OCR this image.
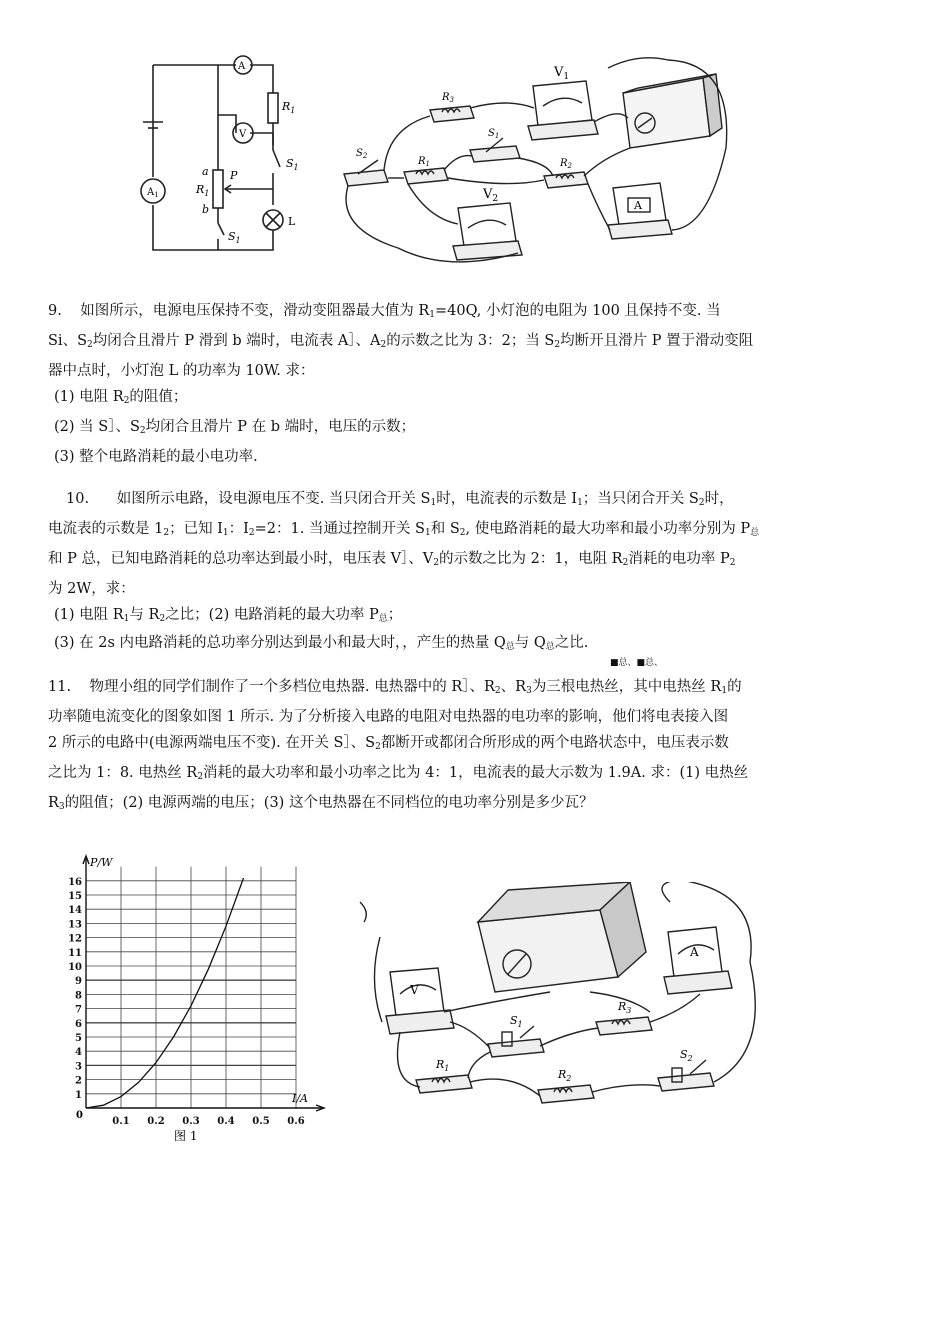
A
$R_1$
V
$S_1$
a P
$R_1$
b
L
$S_1$
$A_1$
$V_1$
$V_2$
$R_3$
$S_1$
$R_1$
$S_2$
$R_2$
A

9.    如图所示，电源电压保持不变，滑动变阻器最大值为 $R_1=40Q$, 小灯泡的电阻为 100 且保持不变. 当

Si、$S_2$均闭合且滑片 P 滑到 b 端时，电流表 A］、$A_2$的示数之比为 3：2；当 $S_2$均断开且滑片 P 置于滑动变阻

器中点时，小灯泡 L 的功率为 10W. 求：

(1) 电阻 $R_2$的阻值；

(2) 当 S］、$S_2$均闭合且滑片 P 在 b 端时，电压的示数；

(3) 整个电路消耗的最小电功率.

10.      如图所示电路，设电源电压不变. 当只闭合开关 $S_1$时，电流表的示数是 $I_1$；当只闭合开关 $S_2$时，

电流表的示数是 $1_2$；已知 $I_1$：$I_2=2$：1. 当通过控制开关 $S_1$和 $S_2$, 使电路消耗的最大功率和最小功率分别为 $P_总$

和 P 总，已知电路消耗的总功率达到最小时，电压表 V］、$V_2$的示数之比为 2：1，电阻 $R_2$消耗的电功率 $P_2$

为 2W，求：

(1) 电阻 $R_1$与 $R_2$之比；(2) 电路消耗的最大功率 $P_总$；

(3) 在 2s 内电路消耗的总功率分别达到最小和最大时，，产生的热量 $Q_总$与 $Q_总$之比.

■总、■总、

11.    物理小组的同学们制作了一个多档位电热器. 电热器中的 R］、$R_2$、$R_3$为三根电热丝，其中电热丝 $R_1$的

功率随电流变化的图象如图 1 所示. 为了分析接入电路的电阻对电热器的电功率的影响，他们将电表接入图

2 所示的电路中(电源两端电压不变). 在开关 S］、$S_2$都断开或都闭合所形成的两个电路状态中，电压表示数

之比为 1：8. 电热丝 $R_2$消耗的最大功率和最小功率之比为 4：1，电流表的最大示数为 1.9A. 求：(1) 电热丝

$R_3$的阻值；(2) 电源两端的电压；(3) 这个电热器在不同档位的电功率分别是多少瓦？

1
2
3
4
5
6
7
8
9
10
11
12
13
14
15
16
0.1 0.2 0.3 0.4 0.5 0.6
P/W
I/A
0
图 1
V
A
$S_1$
$R_3$
$R_1$	$R_2$
$S_2$
